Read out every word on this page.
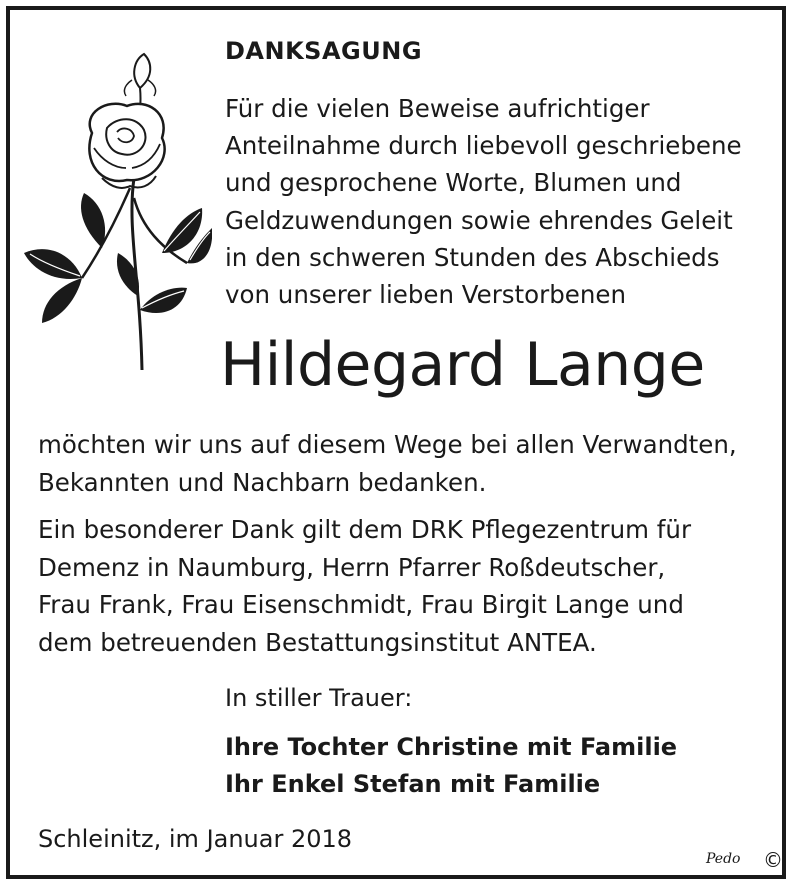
DANKSAGUNG
Für die vielen Beweise aufrichtiger
Anteilnahme durch liebevoll geschriebene
und gesprochene Worte, Blumen und
Geldzuwendungen sowie ehrendes Geleit
in den schweren Stunden des Abschieds
von unserer lieben Verstorbenen
Hildegard Lange
möchten wir uns auf diesem Wege bei allen Verwandten,
Bekannten und Nachbarn bedanken.
Ein besonderer Dank gilt dem DRK Pflegezentrum für
Demenz in Naumburg, Herrn Pfarrer Roßdeutscher,
Frau Frank, Frau Eisenschmidt, Frau Birgit Lange und
dem betreuenden Bestattungsinstitut ANTEA.
In stiller Trauer:
Ihre Tochter Christine mit Familie
Ihr Enkel Stefan mit Familie
Schleinitz, im Januar 2018
Pedo ©
